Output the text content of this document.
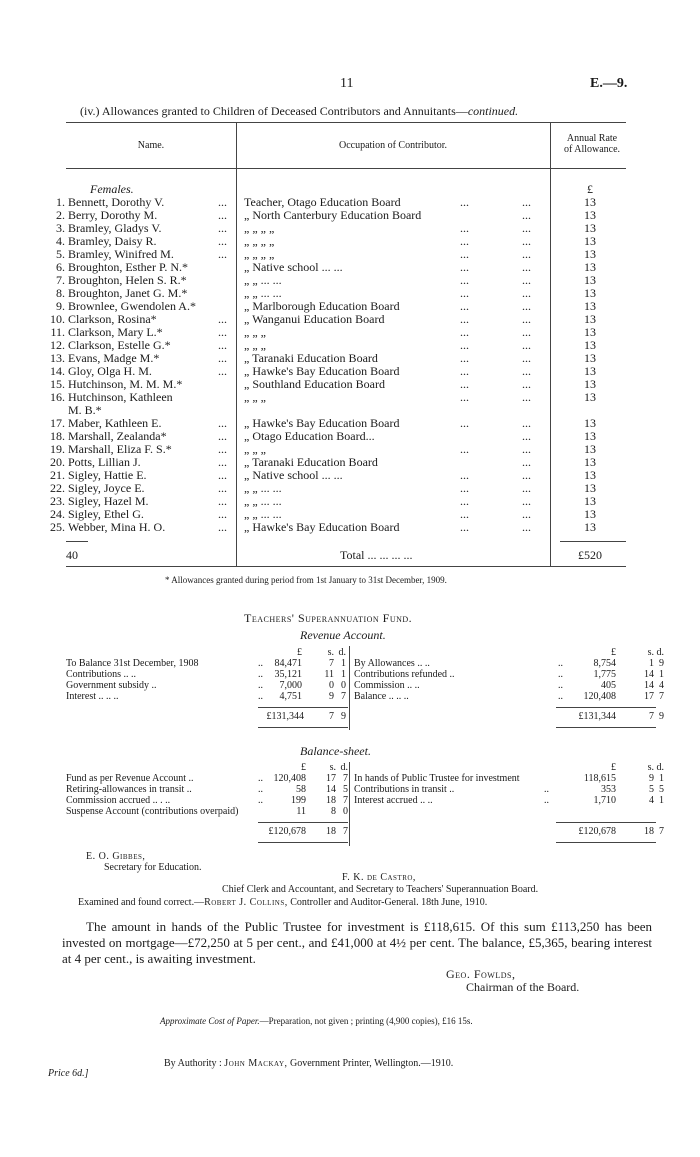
11	E.—9.
(iv.) Allowances granted to Children of Deceased Contributors and Annuitants—continued.
Name.	Occupation of Contributor.
Annual Rate
of Allowance.
Females.	£
1. Bennett, Dorothy V.	... Teacher, Otago Education Board	...	...	13
2. Berry, Dorothy M.	... „ North Canterbury Education Board	...	13
3. Bramley, Gladys V.	... „ „ „ „	...	...	13
4. Bramley, Daisy R.	... „ „ „ „	...	...	13
5. Bramley, Winifred M.	... „ „ „ „	...	...	13
6. Broughton, Esther P. N.*	„ Native school ... ...	...	...	13
7. Broughton, Helen S. R.*	„ „ ... ...	...	...	13
8. Broughton, Janet G. M.*	„ „ ... ...	...	...	13
9. Brownlee, Gwendolen A.*	„ Marlborough Education Board	...	...	13
10. Clarkson, Rosina*	... „ Wanganui Education Board	...	...	13
11. Clarkson, Mary L.*	... „ „ „	...	...	13
12. Clarkson, Estelle G.*	... „ „ „	...	...	13
13. Evans, Madge M.*	... „ Taranaki Education Board	...	...	13
14. Gloy, Olga H. M.	... „ Hawke's Bay Education Board	...	...	13
15. Hutchinson, M. M. M.*	„ Southland Education Board	...	...	13
16. Hutchinson, Kathleen	„ „ „	...	...	13
M. B.*
17. Maber, Kathleen E.	... „ Hawke's Bay Education Board	...	...	13
18. Marshall, Zealanda*	... „ Otago Education Board...	...	13
19. Marshall, Eliza F. S.*	... „ „ „	...	...	13
20. Potts, Lillian J.	... „ Taranaki Education Board	...	13
21. Sigley, Hattie E.	... „ Native school ... ...	...	...	13
22. Sigley, Joyce E.	... „ „ ... ...	...	...	13
23. Sigley, Hazel M.	... „ „ ... ...	...	...	13
24. Sigley, Ethel G.	... „ „ ... ...	...	...	13
25. Webber, Mina H. O.	... „ Hawke's Bay Education Board	...	...	13
40	Total ... ... ... ...	£520
* Allowances granted during period from 1st January to 31st December, 1909.
Teachers' Superannuation Fund.
Revenue Account.
£	s. d.	£	s. d.
To Balance 31st December, 1908	..	84,471	7 1
Contributions .. ..	..	35,121	11 1
Government subsidy ..	..	7,000	0 0
Interest .. .. ..	..	4,751	9 7
By Allowances .. ..	..	8,754	1 9
Contributions refunded ..	..	1,775	14 1
Commission .. ..	..	405	14 4
Balance .. .. ..	..	120,408	17 7
£131,344	7 9	£131,344	7 9
Balance-sheet.
£	s. d.	£	s. d.
Fund as per Revenue Account ..	..	120,408	17 7
Retiring-allowances in transit ..	..	58	14 5
Commission accrued .. . ..	..	199	18 7
Suspense Account (contributions overpaid)	11	8 0
In hands of Public Trustee for investment	118,615	9 1
Contributions in transit ..	..	353	5 5
Interest accrued .. ..	..	1,710	4 1
£120,678	18 7	£120,678	18 7
E. O. Gibbes,
Secretary for Education.
F. K. de Castro,
Chief Clerk and Accountant, and Secretary to Teachers' Superannuation Board.
Examined and found correct.—Robert J. Collins, Controller and Auditor-General. 18th June, 1910.
The amount in hands of the Public Trustee for investment is £118,615. Of this sum £113,250 has been invested on mortgage—£72,250 at 5 per cent., and £41,000 at 4½ per cent. The balance, £5,365, bearing interest at 4 per cent., is awaiting investment.
Geo. Fowlds,
Chairman of the Board.
Approximate Cost of Paper.—Preparation, not given ; printing (4,900 copies), £16 15s.
By Authority : John Mackay, Government Printer, Wellington.—1910.
Price 6d.]
